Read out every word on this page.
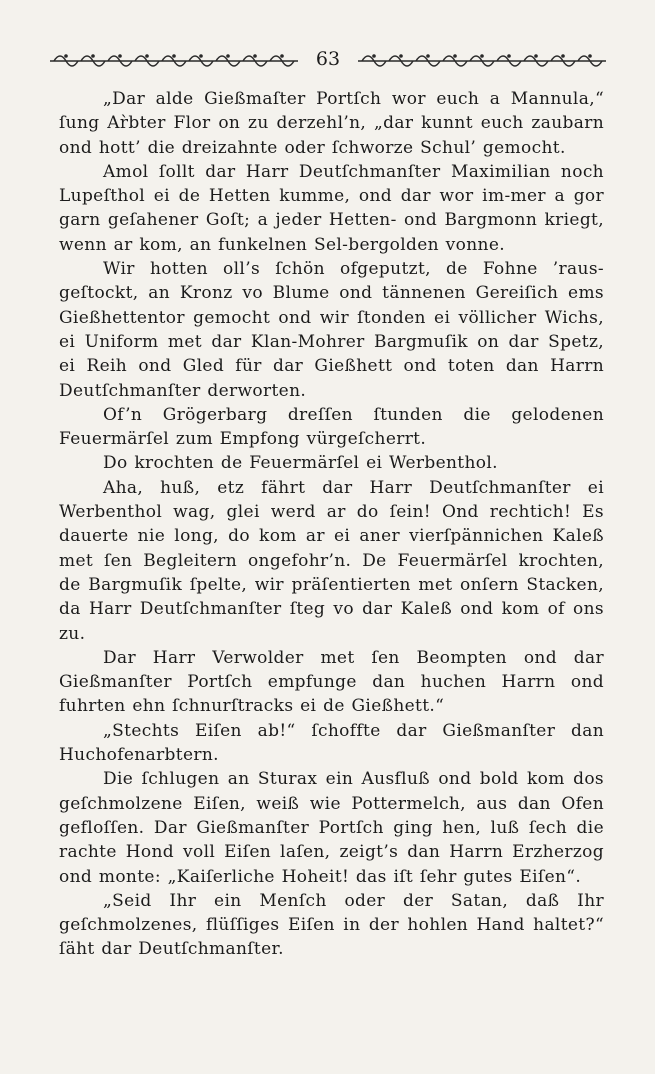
63

„Dar alde Gießmaſter Portſch wor euch a Mannula,“ ſung Ar̀bter Flor on zu derzehl’n, „dar kunnt euch zaubarn ond hott’ die dreizahnte oder ſchworze Schul’ gemocht.

Amol ſollt dar Harr Deutſchmanſter Maximilian noch Lupeſthol ei de Hetten kumme, ond dar wor im-mer a gor garn geſahener Goſt; a jeder Hetten- ond Bargmonn kriegt, wenn ar kom, an funkelnen Sel-bergolden vonne.

Wir hotten oll’s ſchön ofgeputzt, de Fohne ’raus-geſtockt, an Kronz vo Blume ond tännenen Gereiſich ems Gießhettentor gemocht ond wir ſtonden ei völlicher Wichs, ei Uniform met dar Klan-Mohrer Bargmuſik on dar Spetz, ei Reih ond Gled für dar Gießhett ond toten dan Harrn Deutſchmanſter derworten.

Of’n Grögerbarg dreſſen ſtunden die gelodenen Feuermärſel zum Empfong vürgeſcherrt.

Do krochten de Feuermärſel ei Werbenthol.

Aha, huß, etz fährt dar Harr Deutſchmanſter ei Werbenthol wag, glei werd ar do ſein! Ond rechtich! Es dauerte nie long, do kom ar ei aner vierſpännichen Kaleß met ſen Begleitern ongefohr’n. De Feuermärſel krochten, de Bargmuſik ſpelte, wir präſentierten met onſern Stacken, da Harr Deutſchmanſter ſteg vo dar Kaleß ond kom of ons zu.

Dar Harr Verwolder met ſen Beompten ond dar Gießmanſter Portſch empfunge dan huchen Harrn ond fuhrten ehn ſchnurſtracks ei de Gießhett.“

„Stechts Eiſen ab!“ ſchoffte dar Gießmanſter dan Huchofenarbtern.

Die ſchlugen an Sturax ein Ausfluß ond bold kom dos geſchmolzene Eiſen, weiß wie Pottermelch, aus dan Ofen gefloſſen. Dar Gießmanſter Portſch ging hen, luß ſech die rachte Hond voll Eiſen laſen, zeigt’s dan Harrn Erzherzog ond monte: „Kaiſerliche Hoheit! das iſt ſehr gutes Eiſen“.

„Seid Ihr ein Menſch oder der Satan, daß Ihr geſchmolzenes, flüſſiges Eiſen in der hohlen Hand haltet?“ ſäht dar Deutſchmanſter.
